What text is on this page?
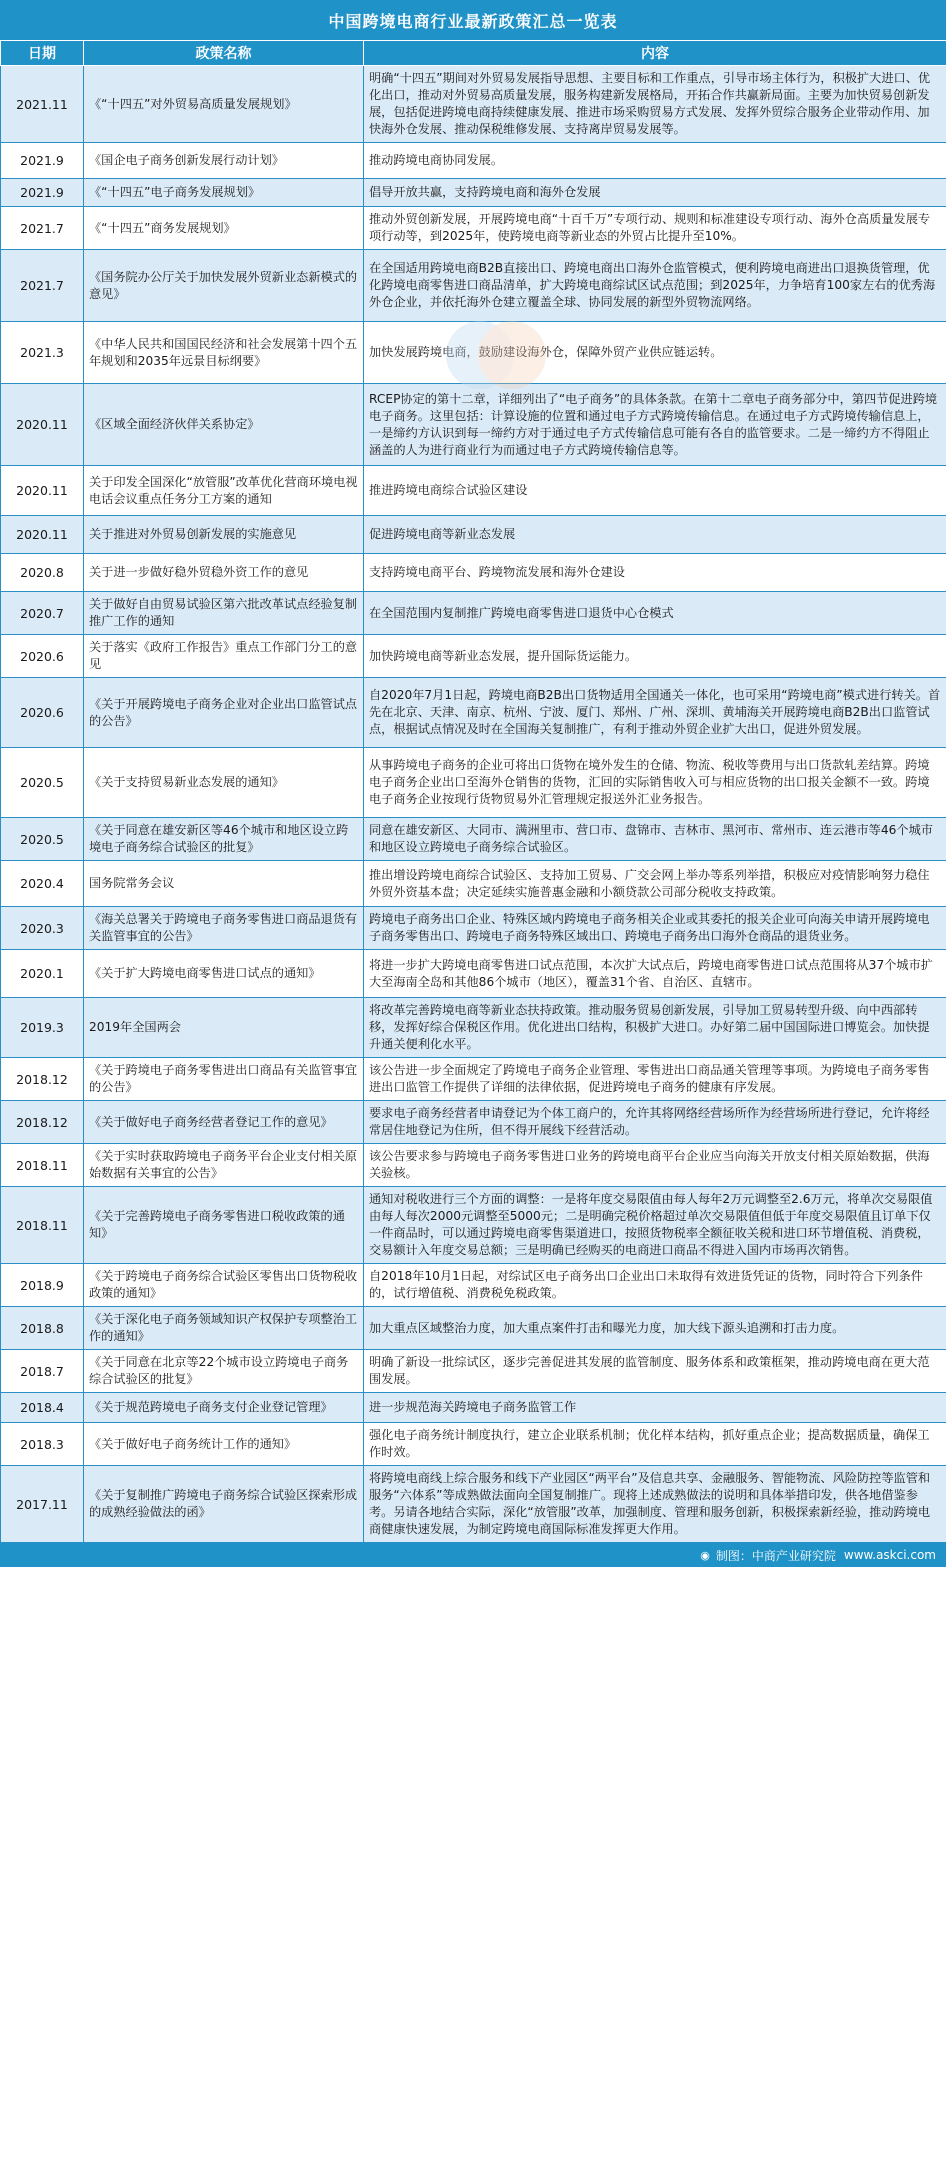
中国跨境电商行业最新政策汇总一览表
日期	政策名称	内容
2021.11	《“十四五”对外贸易高质量发展规划》	明确“十四五”期间对外贸易发展指导思想、主要目标和工作重点，引导市场主体行为，积极扩大进口、优化出口，推动对外贸易高质量发展，服务构建新发展格局，开拓合作共赢新局面。主要为加快贸易创新发展，包括促进跨境电商持续健康发展、推进市场采购贸易方式发展、发挥外贸综合服务企业带动作用、加快海外仓发展、推动保税维修发展、支持离岸贸易发展等。
2021.9	《国企电子商务创新发展行动计划》	推动跨境电商协同发展。
2021.9	《“十四五”电子商务发展规划》	倡导开放共赢，支持跨境电商和海外仓发展
2021.7	《“十四五”商务发展规划》	推动外贸创新发展，开展跨境电商“十百千万”专项行动、规则和标准建设专项行动、海外仓高质量发展专项行动等，到2025年，使跨境电商等新业态的外贸占比提升至10%。
2021.7	《国务院办公厅关于加快发展外贸新业态新模式的意见》	在全国适用跨境电商B2B直接出口、跨境电商出口海外仓监管模式，便利跨境电商进出口退换货管理，优化跨境电商零售进口商品清单，扩大跨境电商综试区试点范围；到2025年，力争培育100家左右的优秀海外仓企业，并依托海外仓建立覆盖全球、协同发展的新型外贸物流网络。
2021.3	《中华人民共和国国民经济和社会发展第十四个五年规划和2035年远景目标纲要》	加快发展跨境电商，鼓励建设海外仓，保障外贸产业供应链运转。
2020.11	《区域全面经济伙伴关系协定》	RCEP协定的第十二章，详细列出了“电子商务”的具体条款。在第十二章电子商务部分中，第四节促进跨境电子商务。这里包括：计算设施的位置和通过电子方式跨境传输信息。在通过电子方式跨境传输信息上，一是缔约方认识到每一缔约方对于通过电子方式传输信息可能有各自的监管要求。二是一缔约方不得阻止涵盖的人为进行商业行为而通过电子方式跨境传输信息等。
2020.11	关于印发全国深化“放管服”改革优化营商环境电视电话会议重点任务分工方案的通知	推进跨境电商综合试验区建设
2020.11	关于推进对外贸易创新发展的实施意见	促进跨境电商等新业态发展
2020.8	关于进一步做好稳外贸稳外资工作的意见	支持跨境电商平台、跨境物流发展和海外仓建设
2020.7	关于做好自由贸易试验区第六批改革试点经验复制推广工作的通知	在全国范围内复制推广跨境电商零售进口退货中心仓模式
2020.6	关于落实《政府工作报告》重点工作部门分工的意见	加快跨境电商等新业态发展，提升国际货运能力。
2020.6	《关于开展跨境电子商务企业对企业出口监管试点的公告》	自2020年7月1日起，跨境电商B2B出口货物适用全国通关一体化，也可采用“跨境电商”模式进行转关。首先在北京、天津、南京、杭州、宁波、厦门、郑州、广州、深圳、黄埔海关开展跨境电商B2B出口监管试点，根据试点情况及时在全国海关复制推广，有利于推动外贸企业扩大出口，促进外贸发展。
2020.5	《关于支持贸易新业态发展的通知》	从事跨境电子商务的企业可将出口货物在境外发生的仓储、物流、税收等费用与出口货款轧差结算。跨境电子商务企业出口至海外仓销售的货物，汇回的实际销售收入可与相应货物的出口报关金额不一致。跨境电子商务企业按现行货物贸易外汇管理规定报送外汇业务报告。
2020.5	《关于同意在雄安新区等46个城市和地区设立跨境电子商务综合试验区的批复》	同意在雄安新区、大同市、满洲里市、营口市、盘锦市、吉林市、黑河市、常州市、连云港市等46个城市和地区设立跨境电子商务综合试验区。
2020.4	国务院常务会议	推出增设跨境电商综合试验区、支持加工贸易、广交会网上举办等系列举措，积极应对疫情影响努力稳住外贸外资基本盘；决定延续实施普惠金融和小额贷款公司部分税收支持政策。
2020.3	《海关总署关于跨境电子商务零售进口商品退货有关监管事宜的公告》	跨境电子商务出口企业、特殊区域内跨境电子商务相关企业或其委托的报关企业可向海关申请开展跨境电子商务零售出口、跨境电子商务特殊区域出口、跨境电子商务出口海外仓商品的退货业务。
2020.1	《关于扩大跨境电商零售进口试点的通知》	将进一步扩大跨境电商零售进口试点范围，本次扩大试点后，跨境电商零售进口试点范围将从37个城市扩大至海南全岛和其他86个城市（地区），覆盖31个省、自治区、直辖市。
2019.3	2019年全国两会	将改革完善跨境电商等新业态扶持政策。推动服务贸易创新发展，引导加工贸易转型升级、向中西部转移，发挥好综合保税区作用。优化进出口结构，积极扩大进口。办好第二届中国国际进口博览会。加快提升通关便利化水平。
2018.12	《关于跨境电子商务零售进出口商品有关监管事宜的公告》	该公告进一步全面规定了跨境电子商务企业管理、零售进出口商品通关管理等事项。为跨境电子商务零售进出口监管工作提供了详细的法律依据，促进跨境电子商务的健康有序发展。
2018.12	《关于做好电子商务经营者登记工作的意见》	要求电子商务经营者申请登记为个体工商户的，允许其将网络经营场所作为经营场所进行登记，允许将经常居住地登记为住所，但不得开展线下经营活动。
2018.11	《关于实时获取跨境电子商务平台企业支付相关原始数据有关事宜的公告》	该公告要求参与跨境电子商务零售进口业务的跨境电商平台企业应当向海关开放支付相关原始数据，供海关验核。
2018.11	《关于完善跨境电子商务零售进口税收政策的通知》	通知对税收进行三个方面的调整：一是将年度交易限值由每人每年2万元调整至2.6万元，将单次交易限值由每人每次2000元调整至5000元；二是明确完税价格超过单次交易限值但低于年度交易限值且订单下仅一件商品时，可以通过跨境电商零售渠道进口，按照货物税率全额征收关税和进口环节增值税、消费税，交易额计入年度交易总额；三是明确已经购买的电商进口商品不得进入国内市场再次销售。
2018.9	《关于跨境电子商务综合试验区零售出口货物税收政策的通知》	自2018年10月1日起，对综试区电子商务出口企业出口未取得有效进货凭证的货物，同时符合下列条件的，试行增值税、消费税免税政策。
2018.8	《关于深化电子商务领域知识产权保护专项整治工作的通知》	加大重点区域整治力度，加大重点案件打击和曝光力度，加大线下源头追溯和打击力度。
2018.7	《关于同意在北京等22个城市设立跨境电子商务综合试验区的批复》	明确了新设一批综试区，逐步完善促进其发展的监管制度、服务体系和政策框架，推动跨境电商在更大范围发展。
2018.4	《关于规范跨境电子商务支付企业登记管理》	进一步规范海关跨境电子商务监管工作
2018.3	《关于做好电子商务统计工作的通知》	强化电子商务统计制度执行，建立企业联系机制；优化样本结构，抓好重点企业；提高数据质量，确保工作时效。
2017.11	《关于复制推广跨境电子商务综合试验区探索形成的成熟经验做法的函》	将跨境电商线上综合服务和线下产业园区“两平台”及信息共享、金融服务、智能物流、风险防控等监管和服务“六体系”等成熟做法面向全国复制推广。现将上述成熟做法的说明和具体举措印发，供各地借鉴参考。另请各地结合实际，深化“放管服”改革，加强制度、管理和服务创新，积极探索新经验，推动跨境电商健康快速发展，为制定跨境电商国际标准发挥更大作用。
◉ 制图：中商产业研究院 www.askci.com
